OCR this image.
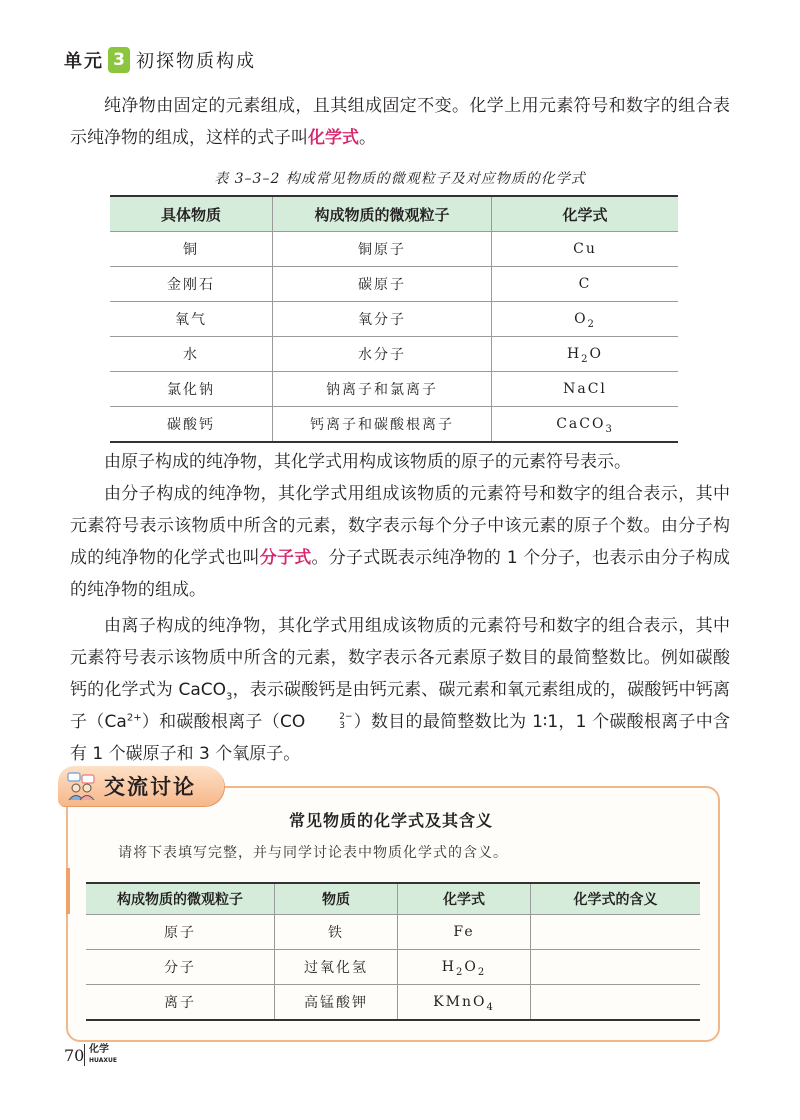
单元 3 初探物质构成

纯净物由固定的元素组成，且其组成固定不变。化学上用元素符号和数字的组合表示纯净物的组成，这样的式子叫化学式。

表 3–3–2 构成常见物质的微观粒子及对应物质的化学式
具体物质	构成物质的微观粒子	化学式
铜	铜原子	Cu
金刚石	碳原子	C
氧气	氧分子	$O_2$
水	水分子	$H_2O$
氯化钠	钠离子和氯离子	NaCl
碳酸钙	钙离子和碳酸根离子	CaCO$_3$

由原子构成的纯净物，其化学式用构成该物质的原子的元素符号表示。

由分子构成的纯净物，其化学式用组成该物质的元素符号和数字的组合表示，其中元素符号表示该物质中所含的元素，数字表示每个分子中该元素的原子个数。由分子构成的纯净物的化学式也叫分子式。分子式既表示纯净物的 1 个分子，也表示由分子构成的纯净物的组成。

由离子构成的纯净物，其化学式用组成该物质的元素符号和数字的组合表示，其中元素符号表示该物质中所含的元素，数字表示各元素原子数目的最简整数比。例如碳酸钙的化学式为 CaCO$_3$，表示碳酸钙是由钙元素、碳元素和氧元素组成的，碳酸钙中钙离子$(Ca^{2+})$和碳酸根离子（CO	2−
3 ）数目的最简整数比为 1∶1，1 个碳酸根离子中含有 1 个碳原子和 3 个氧原子。

交流讨论
常见物质的化学式及其含义
请将下表填写完整，并与同学讨论表中物质化学式的含义。
构成物质的微观粒子	物质	化学式	化学式的含义
原子	铁	Fe	
分子	过氧化氢	$H_2O_2$	
离子	高锰酸钾	KMnO$_4$	
70 化学
HUAXUE
